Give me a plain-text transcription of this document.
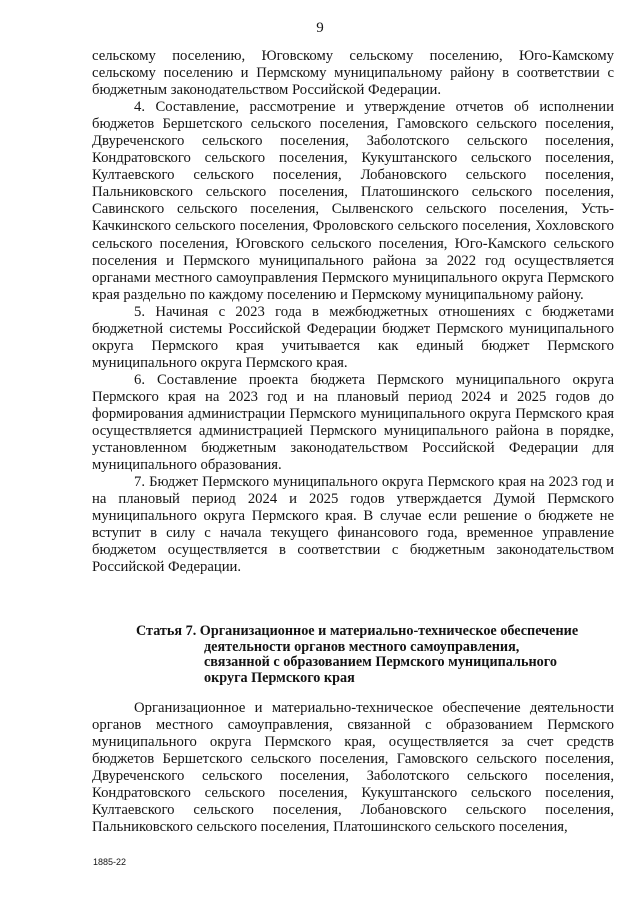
9

сельскому поселению, Юговскому сельскому поселению, Юго-Камскому сельскому поселению и Пермскому муниципальному району в соответствии с бюджетным законодательством Российской Федерации.

4. Составление, рассмотрение и утверждение отчетов об исполнении бюджетов Бершетского сельского поселения, Гамовского сельского поселения, Двуреченского сельского поселения, Заболотского сельского поселения, Кондратовского сельского поселения, Кукуштанского сельского поселения, Култаевского сельского поселения, Лобановского сельского поселения, Пальниковского сельского поселения, Платошинского сельского поселения, Савинского сельского поселения, Сылвенского сельского поселения, Усть-Качкинского сельского поселения, Фроловского сельского поселения, Хохловского сельского поселения, Юговского сельского поселения, Юго-Камского сельского поселения и Пермского муниципального района за 2022 год осуществляется органами местного самоуправления Пермского муниципального округа Пермского края раздельно по каждому поселению и Пермскому муниципальному району.

5. Начиная с 2023 года в межбюджетных отношениях с бюджетами бюджетной системы Российской Федерации бюджет Пермского муниципального округа Пермского края учитывается как единый бюджет Пермского муниципального округа Пермского края.

6. Составление проекта бюджета Пермского муниципального округа Пермского края на 2023 год и на плановый период 2024 и 2025 годов до формирования администрации Пермского муниципального округа Пермского края осуществляется администрацией Пермского муниципального района в порядке, установленном бюджетным законодательством Российской Федерации для муниципального образования.

7. Бюджет Пермского муниципального округа Пермского края на 2023 год и на плановый период 2024 и 2025 годов утверждается Думой Пермского муниципального округа Пермского края. В случае если решение о бюджете не вступит в силу с начала текущего финансового года, временное управление бюджетом осуществляется в соответствии с бюджетным законодательством Российской Федерации.

Статья 7. Организационное и материально-техническое обеспечение
деятельности органов местного самоуправления,
связанной с образованием Пермского муниципального
округа Пермского края

Организационное и материально-техническое обеспечение деятельности органов местного самоуправления, связанной с образованием Пермского муниципального округа Пермского края, осуществляется за счет средств бюджетов Бершетского сельского поселения, Гамовского сельского поселения, Двуреченского сельского поселения, Заболотского сельского поселения, Кондратовского сельского поселения, Кукуштанского сельского поселения, Култаевского сельского поселения, Лобановского сельского поселения, Пальниковского сельского поселения, Платошинского сельского поселения,

1885-22
